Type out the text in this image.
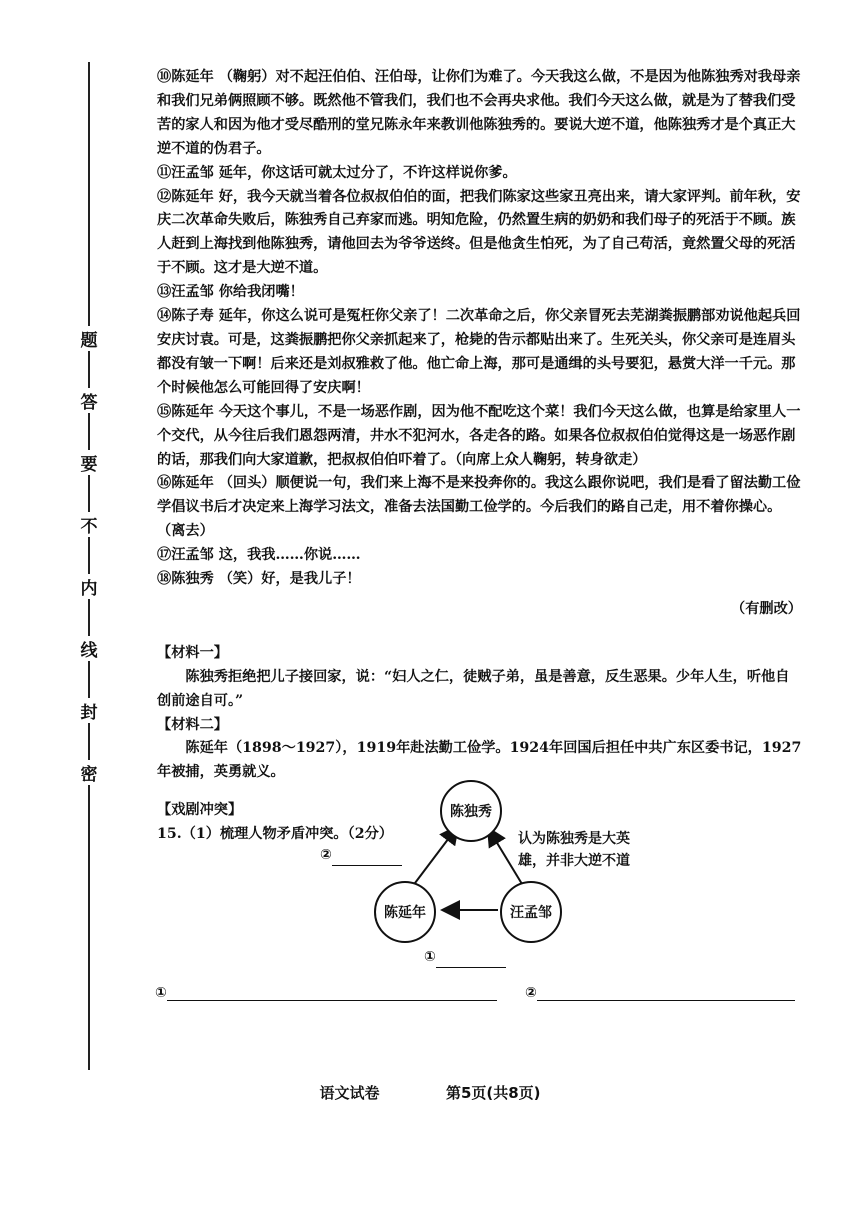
密
封
线
内
不
要
答
题

⑩陈延年 （鞠躬）对不起汪伯伯、汪伯母，让你们为难了。今天我这么做，不是因为他陈独秀对我母亲和我们兄弟俩照顾不够。既然他不管我们，我们也不会再央求他。我们今天这么做，就是为了替我们受苦的家人和因为他才受尽酷刑的堂兄陈永年来教训他陈独秀的。要说大逆不道，他陈独秀才是个真正大逆不道的伪君子。

⑪汪孟邹 延年，你这话可就太过分了，不许这样说你爹。

⑫陈延年 好，我今天就当着各位叔叔伯伯的面，把我们陈家这些家丑亮出来，请大家评判。前年秋，安庆二次革命失败后，陈独秀自己弃家而逃。明知危险，仍然置生病的奶奶和我们母子的死活于不顾。族人赶到上海找到他陈独秀，请他回去为爷爷送终。但是他贪生怕死，为了自己苟活，竟然置父母的死活于不顾。这才是大逆不道。

⑬汪孟邹 你给我闭嘴！

⑭陈子寿 延年，你这么说可是冤枉你父亲了！二次革命之后，你父亲冒死去芜湖粪振鹏部劝说他起兵回安庆讨袁。可是，这粪振鹏把你父亲抓起来了，枪毙的告示都贴出来了。生死关头，你父亲可是连眉头都没有皱一下啊！后来还是刘叔雅救了他。他亡命上海，那可是通缉的头号要犯，悬赏大洋一千元。那个时候他怎么可能回得了安庆啊！

⑮陈延年 今天这个事儿，不是一场恶作剧，因为他不配吃这个菜！我们今天这么做，也算是给家里人一个交代，从今往后我们恩怨两清，井水不犯河水，各走各的路。如果各位叔叔伯伯觉得这是一场恶作剧的话，那我们向大家道歉，把叔叔伯伯吓着了。（向席上众人鞠躬，转身欲走）

⑯陈延年 （回头）顺便说一句，我们来上海不是来投奔你的。我这么跟你说吧，我们是看了留法勤工俭学倡议书后才决定来上海学习法文，准备去法国勤工俭学的。今后我们的路自己走，用不着你操心。（离去）

⑰汪孟邹 这，我我……你说……

⑱陈独秀 （笑）好，是我儿子！

（有删改）

【材料一】

陈独秀拒绝把儿子接回家，说：“妇人之仁，徒贼子弟，虽是善意，反生恶果。少年人生，听他自创前途自可。”

【材料二】

陈延年（1898～1927），1919年赴法勤工俭学。1924年回国后担任中共广东区委书记，1927年被捕，英勇就义。

【戏剧冲突】

15.（1）梳理人物矛盾冲突。（2分）

陈独秀
陈延年	汪孟邹
认为陈独秀是大英
雄，并非大逆不道
②
①
①	②
语文试卷	第5页(共8页)
